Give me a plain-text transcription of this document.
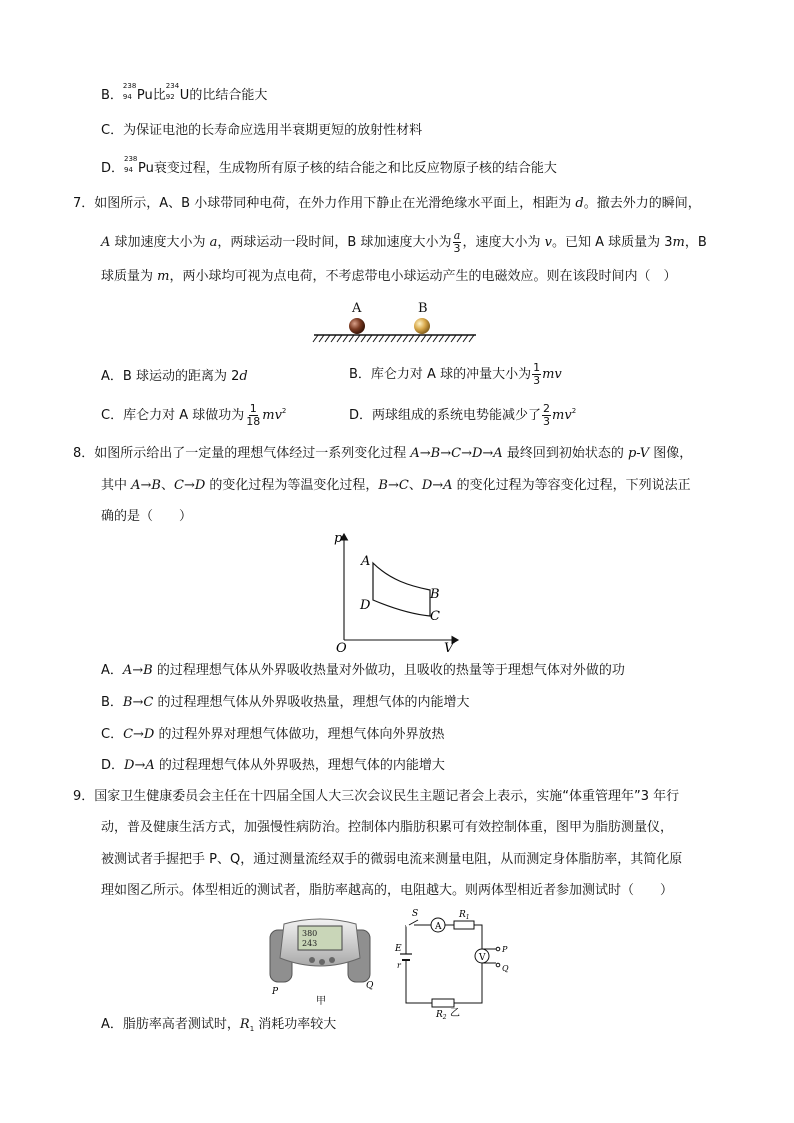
B．
238
94 Pu比
234
92 U的比结合能大
C．为保证电池的长寿命应选用半衰期更短的放射性材料
D．
238
94 Pu衰变过程，生成物所有原子核的结合能之和比反应物原子核的结合能大
7．如图所示，A、B 小球带同种电荷，在外力作用下静止在光滑绝缘水平面上，相距为 d。撤去外力的瞬间，
A 球加速度大小为 a，两球运动一段时间，B 球加速度大小为 $\frac{a}{3}$ ，速度大小为 v。已知 A 球质量为 3m，B
球质量为 m，两小球均可视为点电荷，不考虑带电小球运动产生的电磁效应。则在该段时间内（　）
A	B
A．B 球运动的距离为 2d	B．库仑力对 A 球的冲量大小为 $\frac{1}{3}$ mv
C．库仑力对 A 球做功为 $\frac{1}{18} mv^2$	D．两球组成的系统电势能减少了 $\frac{2}{3} mv^2$
8．如图所示给出了一定量的理想气体经过一系列变化过程 A→B→C→D→A 最终回到初始状态的 p-V 图像，
其中 A→B、C→D 的变化过程为等温变化过程，B→C、D→A 的变化过程为等容变化过程，下列说法正
确的是（　　）
p
V
O
A
B
C
D
A．A→B 的过程理想气体从外界吸收热量对外做功，且吸收的热量等于理想气体对外做的功
B．B→C 的过程理想气体从外界吸收热量，理想气体的内能增大
C．C→D 的过程外界对理想气体做功，理想气体向外界放热
D．D→A 的过程理想气体从外界吸热，理想气体的内能增大
9．国家卫生健康委员会主任在十四届全国人大三次会议民生主题记者会上表示，实施“体重管理年”3 年行
动，普及健康生活方式，加强慢性病防治。控制体内脂肪积累可有效控制体重，图甲为脂肪测量仪，
被测试者手握把手 P、Q，通过测量流经双手的微弱电流来测量电阻，从而测定身体脂肪率，其简化原
理如图乙所示。体型相近的测试者，脂肪率越高的，电阻越大。则两体型相近者参加测试时（　　）
380
243
P
Q
甲
S
A
$R_1$
V
P
Q
E
r
$R_2$ 乙
A．脂肪率高者测试时，$R_1$ 消耗功率较大
